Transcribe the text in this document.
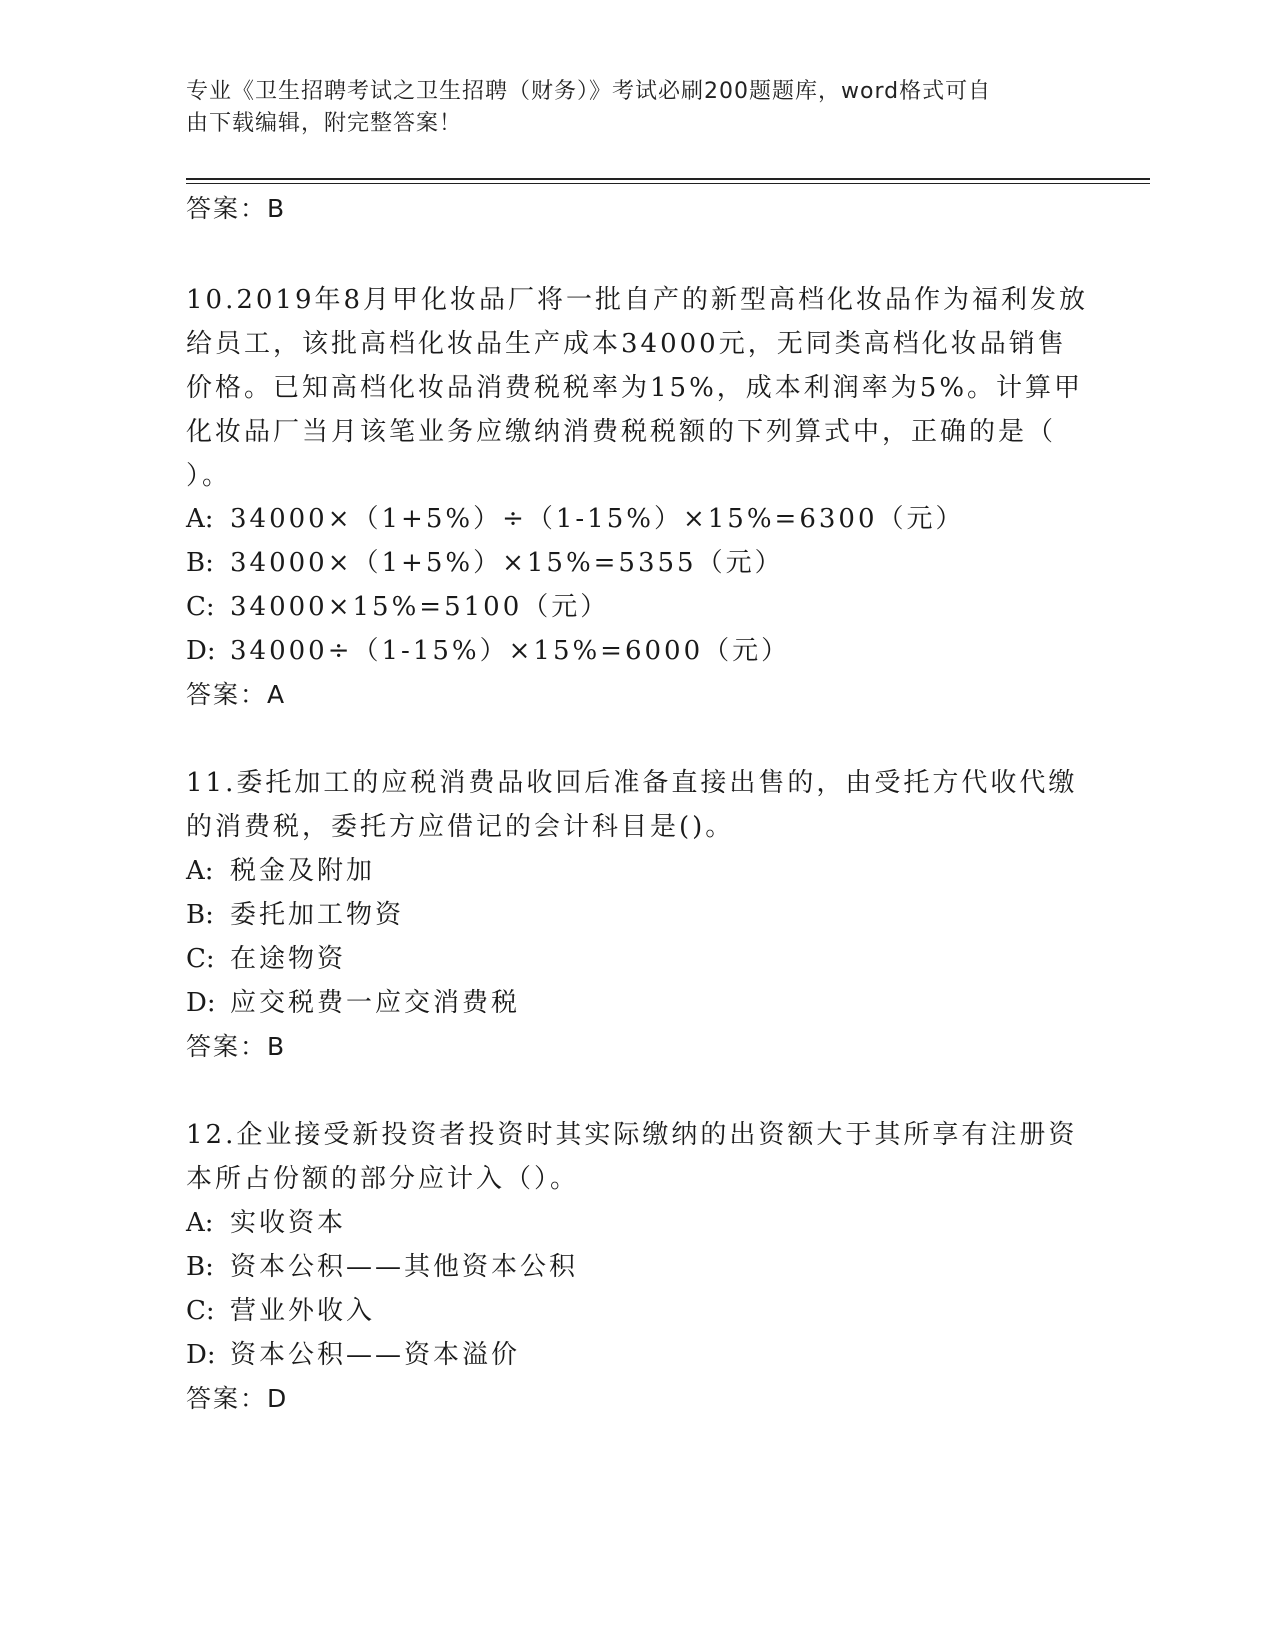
专业《卫生招聘考试之卫生招聘（财务）》考试必刷200题题库，word格式可自
由下载编辑，附完整答案！
答案：B
10.2019年8月甲化妆品厂将一批自产的新型高档化妆品作为福利发放
给员工，该批高档化妆品生产成本34000元，无同类高档化妆品销售
价格。已知高档化妆品消费税税率为15%，成本利润率为5%。计算甲
化妆品厂当月该笔业务应缴纳消费税税额的下列算式中，正确的是（
）。
A: 34000×（1+5%）÷（1-15%）×15%=6300（元）
B: 34000×（1+5%）×15%=5355（元）
C: 34000×15%=5100（元）
D: 34000÷（1-15%）×15%=6000（元）
答案：A
11.委托加工的应税消费品收回后准备直接出售的，由受托方代收代缴
的消费税，委托方应借记的会计科目是()。
A: 税金及附加
B: 委托加工物资
C: 在途物资
D: 应交税费一应交消费税
答案：B
12.企业接受新投资者投资时其实际缴纳的出资额大于其所享有注册资
本所占份额的部分应计入（）。
A: 实收资本
B: 资本公积——其他资本公积
C: 营业外收入
D: 资本公积——资本溢价
答案：D
